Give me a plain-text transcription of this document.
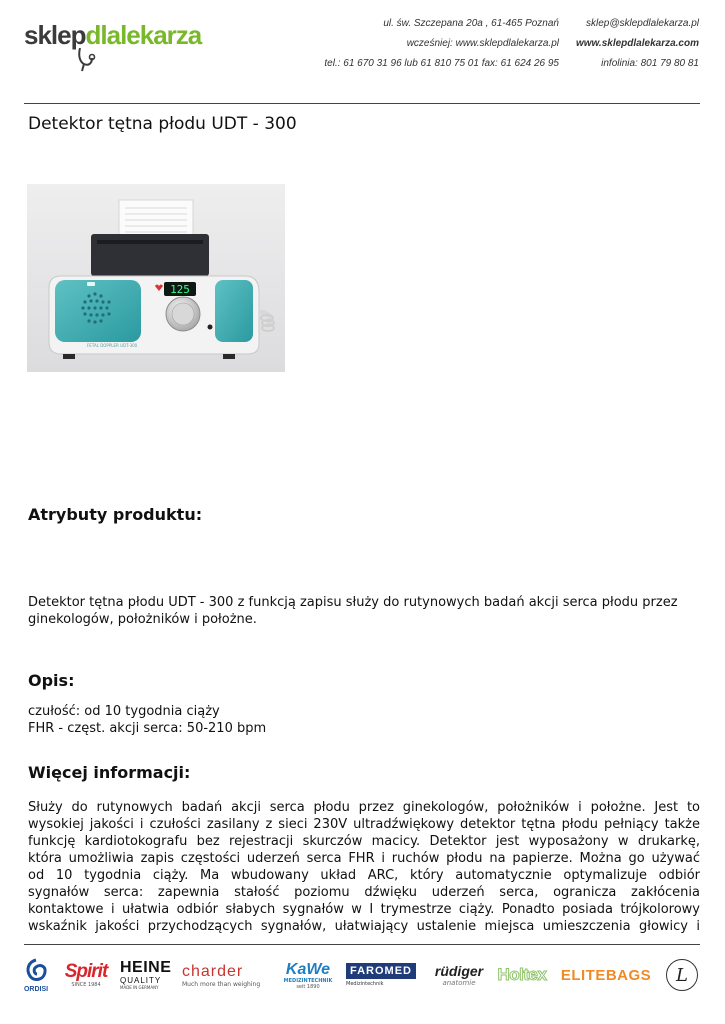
sklepdlalekarza	ul. św. Szczepana 20a , 61-465 Poznań
wcześniej: www.sklepdlalekarza.pl
tel.: 61 670 31 96 lub 61 810 75 01 fax: 61 624 26 95
sklep@sklepdlalekarza.pl
www.sklepdlalekarza.com
infolinia: 801 79 80 81
Detektor tętna płodu UDT - 300
125
FETAL DOPPLER UDT-300
Atrybuty produktu:
Detektor tętna płodu UDT - 300 z funkcją zapisu służy do rutynowych badań akcji serca płodu przez
ginekologów, położników i położne.
Opis:
czułość: od 10 tygodnia ciąży
FHR - częst. akcji serca: 50-210 bpm
Więcej informacji:
Służy do rutynowych badań akcji serca płodu przez ginekologów, położników i położne. Jest to
wysokiej jakości i czułości zasilany z sieci 230V ultradźwiękowy detektor tętna płodu pełniący także
funkcję kardiotokografu bez rejestracji skurczów macicy. Detektor jest wyposażony w drukarkę,
która umożliwia zapis częstości uderzeń serca FHR i ruchów płodu na papierze. Można go używać
od 10 tygodnia ciąży. Ma wbudowany układ ARC, który automatycznie optymalizuje odbiór
sygnałów serca: zapewnia stałość poziomu dźwięku uderzeń serca, ogranicza zakłócenia
kontaktowe i ułatwia odbiór słabych sygnałów w I trymestrze ciąży. Ponadto posiada trójkolorowy
wskaźnik jakości przychodzących sygnałów, ułatwiający ustalenie miejsca umieszczenia głowicy i
ORDISI
Spirit
SINCE 1984
HEINE
QUALITY
MADE IN GERMANY
charder
Much more than weighing
KaWe
MEDIZINTECHNIK
seit 1890
FAROMED
Medizintechnik
rüdiger
anatomie Holtex ELITEBAGS L
